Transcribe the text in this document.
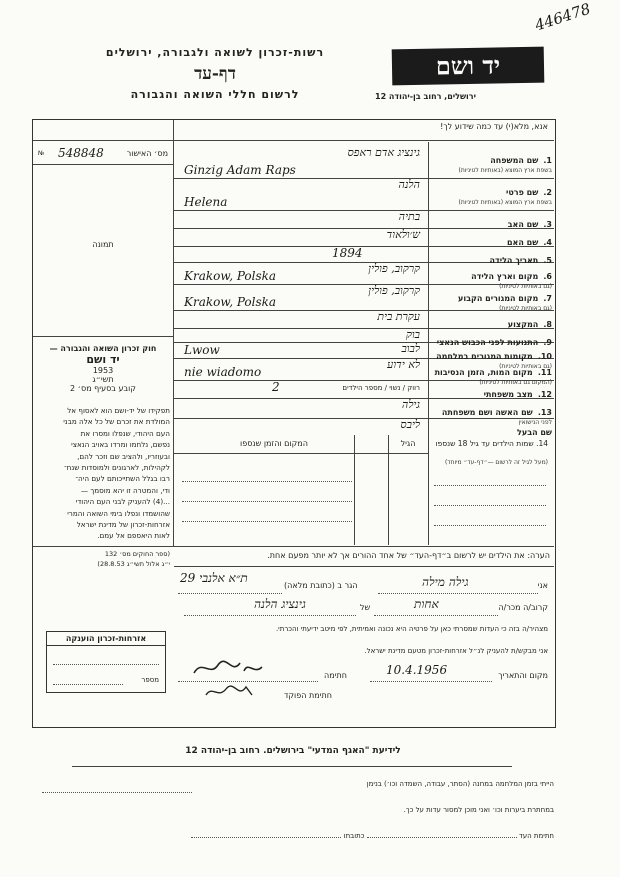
446478
יד ושם
ירושלים, רחוב בן-יהודה 12
רשות-זכרון לשואה ולגבורה, ירושלים
דף-עד
לרשום חללי השואה והגבורה
אנא, מלא(י) עד כמה שידוע לך!
מס׳ האישור
548848
№
תמונה
חוק זכרון השואה והגבורה —
יד ושם
1953
תשי״ג
קובע בסעיף מס׳ 2
תפקידו של יד-ושם הוא לאסוף אל
המולדת את זכרם של כל אלה מבני
העם היהודי, שנפלו ומסרו את
נפשם, נלחמו ומרדו באויב הנאצי
ובעוזריו, ולהציב שם וזכר להם,
לקהילות, לארגונים ולמוסדות שנח־
רבו בגלל השתייכותם לעם היה־
ודי, והמטרה זו יהא מוסמך —
...(4) להעניק לבני העם היהודי
שהושמדו ונפלו בימי השואה והמרי
אזרחות-זכרון של מדינת ישראל
לאות היאספם אל עמם.
(ספר החוקים מס׳ 132
י״ג אלול תשי״ג 28.8.53)
אזרחות-זכרון הוענקה
מספר
1. שם המשפחה
בשפת ארץ המוצא (באותיות לטיניות)
גינציג אדם ראפס
Ginzig Adam Raps
2. שם פרטי
בשפת ארץ המוצא (באותיות לטיניות)
הלנה
Helena
3. שם האב
בתיה
4. שם האם
ש׳ולאוד
5. תאריך הלידה
1894
6. מקום וארץ הלידה
(גם באותיות לטיניות)
קרקוב, פולין
Krakow, Polska
7. מקום המגורים הקבוע
(גם באותיות לטיניות)
קרקוב, פולין
Krakow, Polska
8. המקצוע
עקרת בית
9. התנועות לפני הכבוש הנאצי
בוק
10. מקומות המגורים במלחמה
(גם באותיות לטיניות)
לבוב
Lwow
11. מקום המות, הזמן הנסיבות
(המקום גם באותיות לטיניות)
לא ידוע
nie wiadomo
12. מצב משפחתי
רווק / נשוי / מספר הילדים
2
13. שם האשה ושם משפחתה
לפני הנישואין
גילה
שם הבעל
ליבס
14. שמות הילדים עד גיל 18 שנספו
(מעל לגיל זה לרשום —״דף-עד״ מיוחד)
הגיל
המקום והזמן שנספו
הערה: את הילדים יש לרשום ב״דף-העד״ של אחד ההורים אך לא יותר מפעם אחת.
אני
גילה מילה
הגר ב (כתובת מלאה)
ת״א אלנבי 29
קרוב/ה מכר/ה
אחות
של
גינציג הלנה
מצהיר/ה בזה כי העדות שמסרתי כאן על פרטיה היא נכונה ואמיתית, לפי מיטב ידיעתי והכרתי.
אני מבקש/ת להעניק לנ״ל אזרחות-זכרון מטעם מדינת ישראל.
מקום והתאריך
10.4.1956
חתימה
חתימת הפוקד
לידיעת "האגף המדעי" בירושלים. רחוב בן-יהודה 12
הייתי בזמן המלחמה במחנה (הסתר, עבודה, השמדה וכו׳) בנימן
במחתרת ביערות וכו׳ ואני מוכן למסור עדות על כך.
חתימת העד  כתובתו
